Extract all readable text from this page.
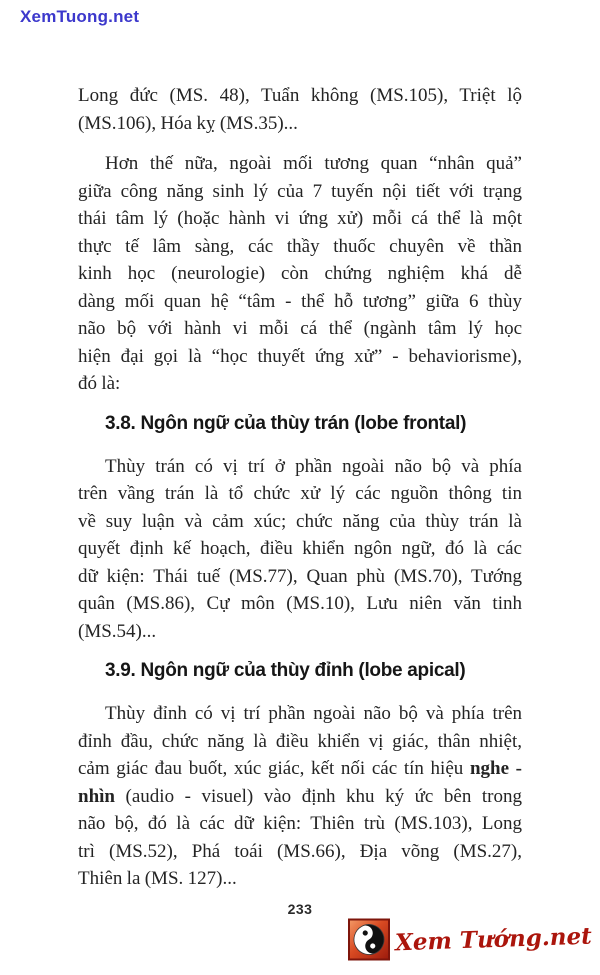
XemTuong.net
Long đức (MS. 48), Tuẩn không (MS.105), Triệt lộ
(MS.106), Hóa kỵ (MS.35)...
Hơn thế nữa, ngoài mối tương quan “nhân quả”
giữa công năng sinh lý của 7 tuyến nội tiết với trạng
thái tâm lý (hoặc hành vi ứng xử) mỗi cá thể là một
thực tế lâm sàng, các thầy thuốc chuyên về thần
kinh học (neurologie) còn chứng nghiệm khá dễ
dàng mối quan hệ “tâm - thể hỗ tương” giữa 6 thùy
não bộ với hành vi mỗi cá thể (ngành tâm lý học
hiện đại gọi là “học thuyết ứng xử” - behaviorisme),
đó là:
3.8. Ngôn ngữ của thùy trán (lobe frontal)
Thùy trán có vị trí ở phần ngoài não bộ và phía
trên vầng trán là tổ chức xử lý các nguồn thông tin
về suy luận và cảm xúc; chức năng của thùy trán là
quyết định kế hoạch, điều khiển ngôn ngữ, đó là các
dữ kiện: Thái tuế (MS.77), Quan phù (MS.70), Tướng
quân (MS.86), Cự môn (MS.10), Lưu niên văn tinh
(MS.54)...
3.9. Ngôn ngữ của thùy đỉnh (lobe apical)
Thùy đỉnh có vị trí phần ngoài não bộ và phía trên
đỉnh đầu, chức năng là điều khiển vị giác, thân nhiệt,
cảm giác đau buốt, xúc giác, kết nối các tín hiệu nghe -
nhìn (audio - visuel) vào định khu ký ức bên trong
não bộ, đó là các dữ kiện: Thiên trù (MS.103), Long
trì (MS.52), Phá toái (MS.66), Địa võng (MS.27),
Thiên la (MS. 127)...
233
Xem Tướng.net
